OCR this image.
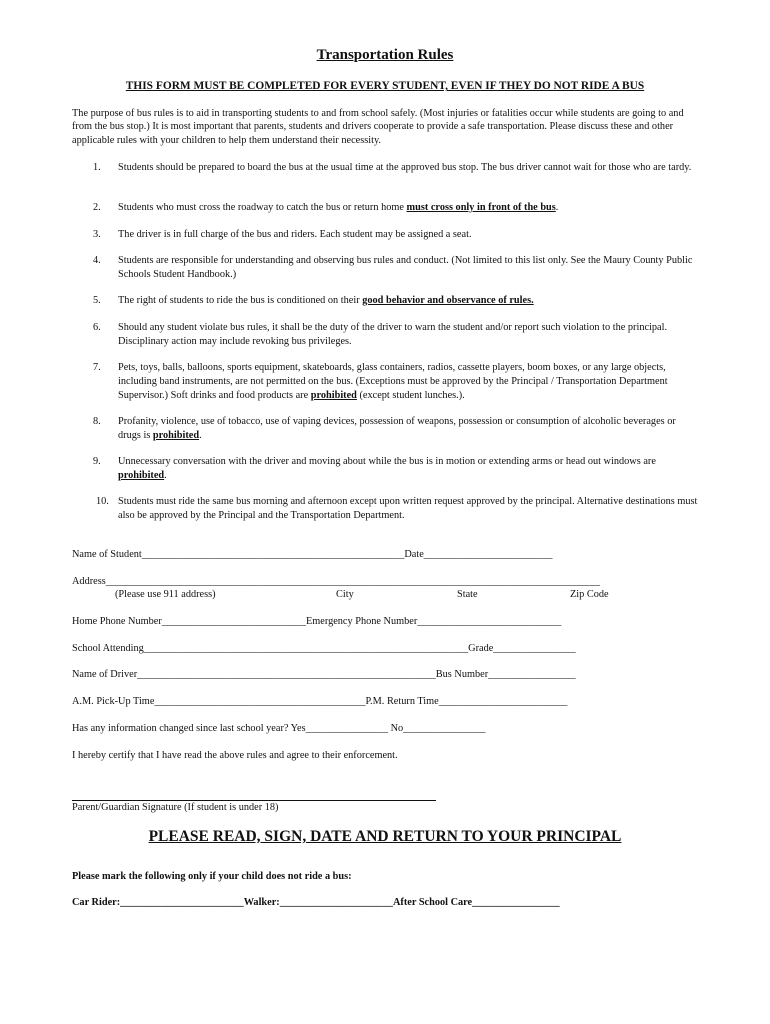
Transportation Rules
THIS FORM MUST BE COMPLETED FOR EVERY STUDENT, EVEN IF THEY DO NOT RIDE A BUS
The purpose of bus rules is to aid in transporting students to and from school safely. (Most injuries or fatalities occur while students are going to and from the bus stop.) It is most important that parents, students and drivers cooperate to provide a safe transportation. Please discuss these and other applicable rules with your children to help them understand their necessity.
1.	Students should be prepared to board the bus at the usual time at the approved bus stop. The bus driver cannot wait for those who are tardy.
2.	Students who must cross the roadway to catch the bus or return home must cross only in front of the bus.
3.	The driver is in full charge of the bus and riders. Each student may be assigned a seat.
4.	Students are responsible for understanding and observing bus rules and conduct. (Not limited to this list only. See the Maury County Public Schools Student Handbook.)
5.	The right of students to ride the bus is conditioned on their good behavior and observance of rules.
6.	Should any student violate bus rules, it shall be the duty of the driver to warn the student and/or report such violation to the principal. Disciplinary action may include revoking bus privileges.
7.	Pets, toys, balls, balloons, sports equipment, skateboards, glass containers, radios, cassette players, boom boxes, or any large objects, including band instruments, are not permitted on the bus. (Exceptions must be approved by the Principal / Transportation Department Supervisor.) Soft drinks and food products are prohibited (except student lunches.).
8.	Profanity, violence, use of tobacco, use of vaping devices, possession of weapons, possession or consumption of alcoholic beverages or drugs is prohibited.
9.	Unnecessary conversation with the driver and moving about while the bus is in motion or extending arms or head out windows are prohibited.
10. Students must ride the same bus morning and afternoon except upon written request approved by the principal. Alternative destinations must also be approved by the Principal and the Transportation Department.
Name of Student___________________________________________________Date_________________________
Address________________________________________________________________________________________________
(Please use 911 address)	City	State	Zip Code
Home Phone Number____________________________Emergency Phone Number____________________________
School Attending_______________________________________________________________Grade________________
Name of Driver__________________________________________________________Bus Number_________________
A.M. Pick-Up Time_________________________________________P.M. Return Time_________________________
Has any information changed since last school year? Yes________________ No________________
I hereby certify that I have read the above rules and agree to their enforcement.
Parent/Guardian Signature (If student is under 18)
PLEASE READ, SIGN, DATE AND RETURN TO YOUR PRINCIPAL
Please mark the following only if your child does not ride a bus:
Car Rider:________________________Walker:______________________After School Care_________________
